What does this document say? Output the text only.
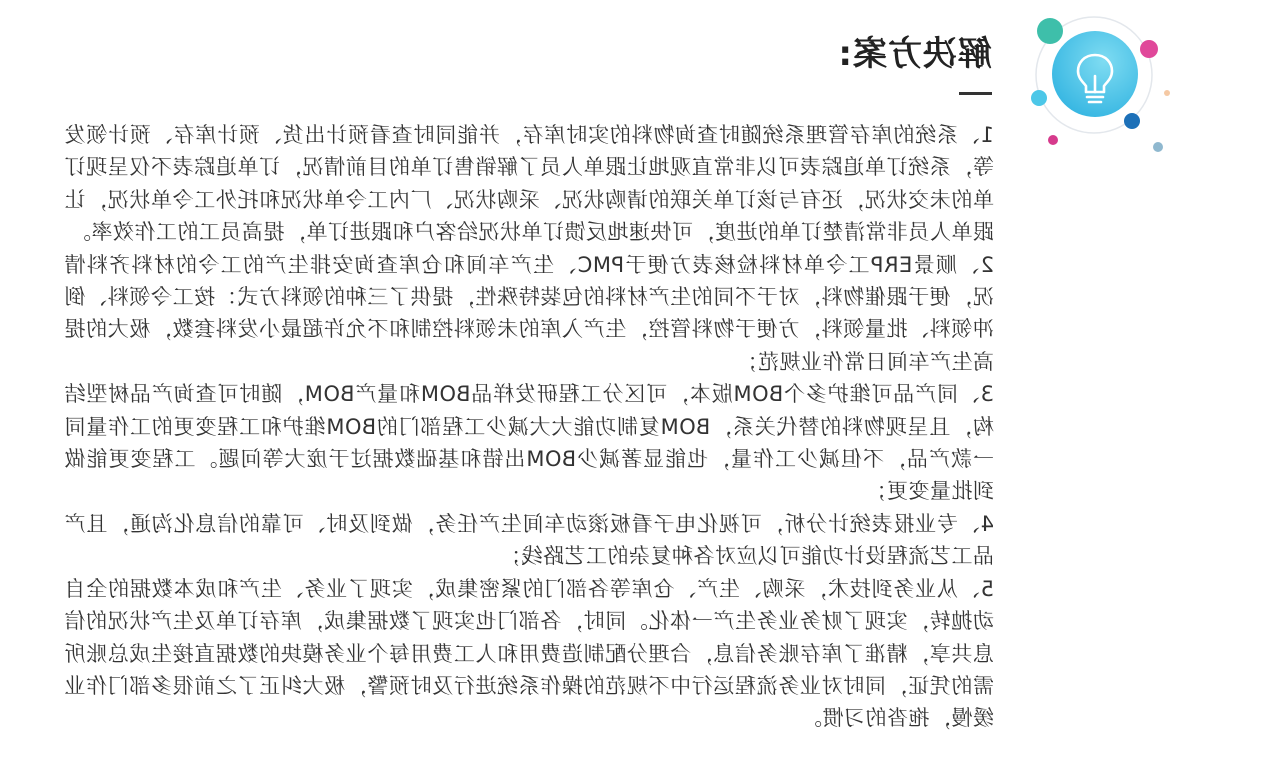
解决方案:

1、系统的库存管理系统随时查询物料的实时库存，并能同时查看预计出货、预计库存、预计领发等，系统订单追踪表可以非常直观地让跟单人员了解销售订单的目前情况，订单追踪表不仅呈现订单的未交状况，还有与该订单关联的请购状况、采购状况、厂内工令单状况和托外工令单状况，让跟单人员非常清楚订单的进度，可快速地反馈订单状况给客户和跟进订单，提高员工的工作效率。

2、顺景ERP工令单材料检核表方便于PMC、生产车间和仓库查询安排生产的工令的材料齐料情况，便于跟催物料，对于不同的生产材料的包装特殊性，提供了三种的领料方式：按工令领料、倒冲领料、批量领料，方便于物料管控，生产入库的未领料控制和不允许超最小发料套数，极大的提高生产车间日常作业规范；

3、同产品可维护多个BOM版本，可区分工程研发样品BOM和量产BOM，随时可查询产品树型结构，且呈现物料的替代关系，BOM复制功能大大减少工程部门的BOM维护和工程变更的工作量同一款产品，不但减少工作量，也能显著减少BOM出错和基础数据过于庞大等问题。工程变更能做到批量变更；

4、专业报表统计分析，可视化电子看板滚动车间生产任务，做到及时、可靠的信息化沟通，且产品工艺流程设计功能可以应对各种复杂的工艺路线；

5、从业务到技术，采购、生产、仓库等各部门的紧密集成，实现了业务、生产和成本数据的全自动抛转，实现了财务业务生产一体化。同时，各部门也实现了数据集成，库存订单及生产状况的信息共享，精准了库存账务信息，合理分配制造费用和人工费用每个业务模块的数据直接生成总账所需的凭证，同时对业务流程运行中不规范的操作系统进行及时预警，极大纠正了之前很多部门作业缓慢，拖沓的习惯。
